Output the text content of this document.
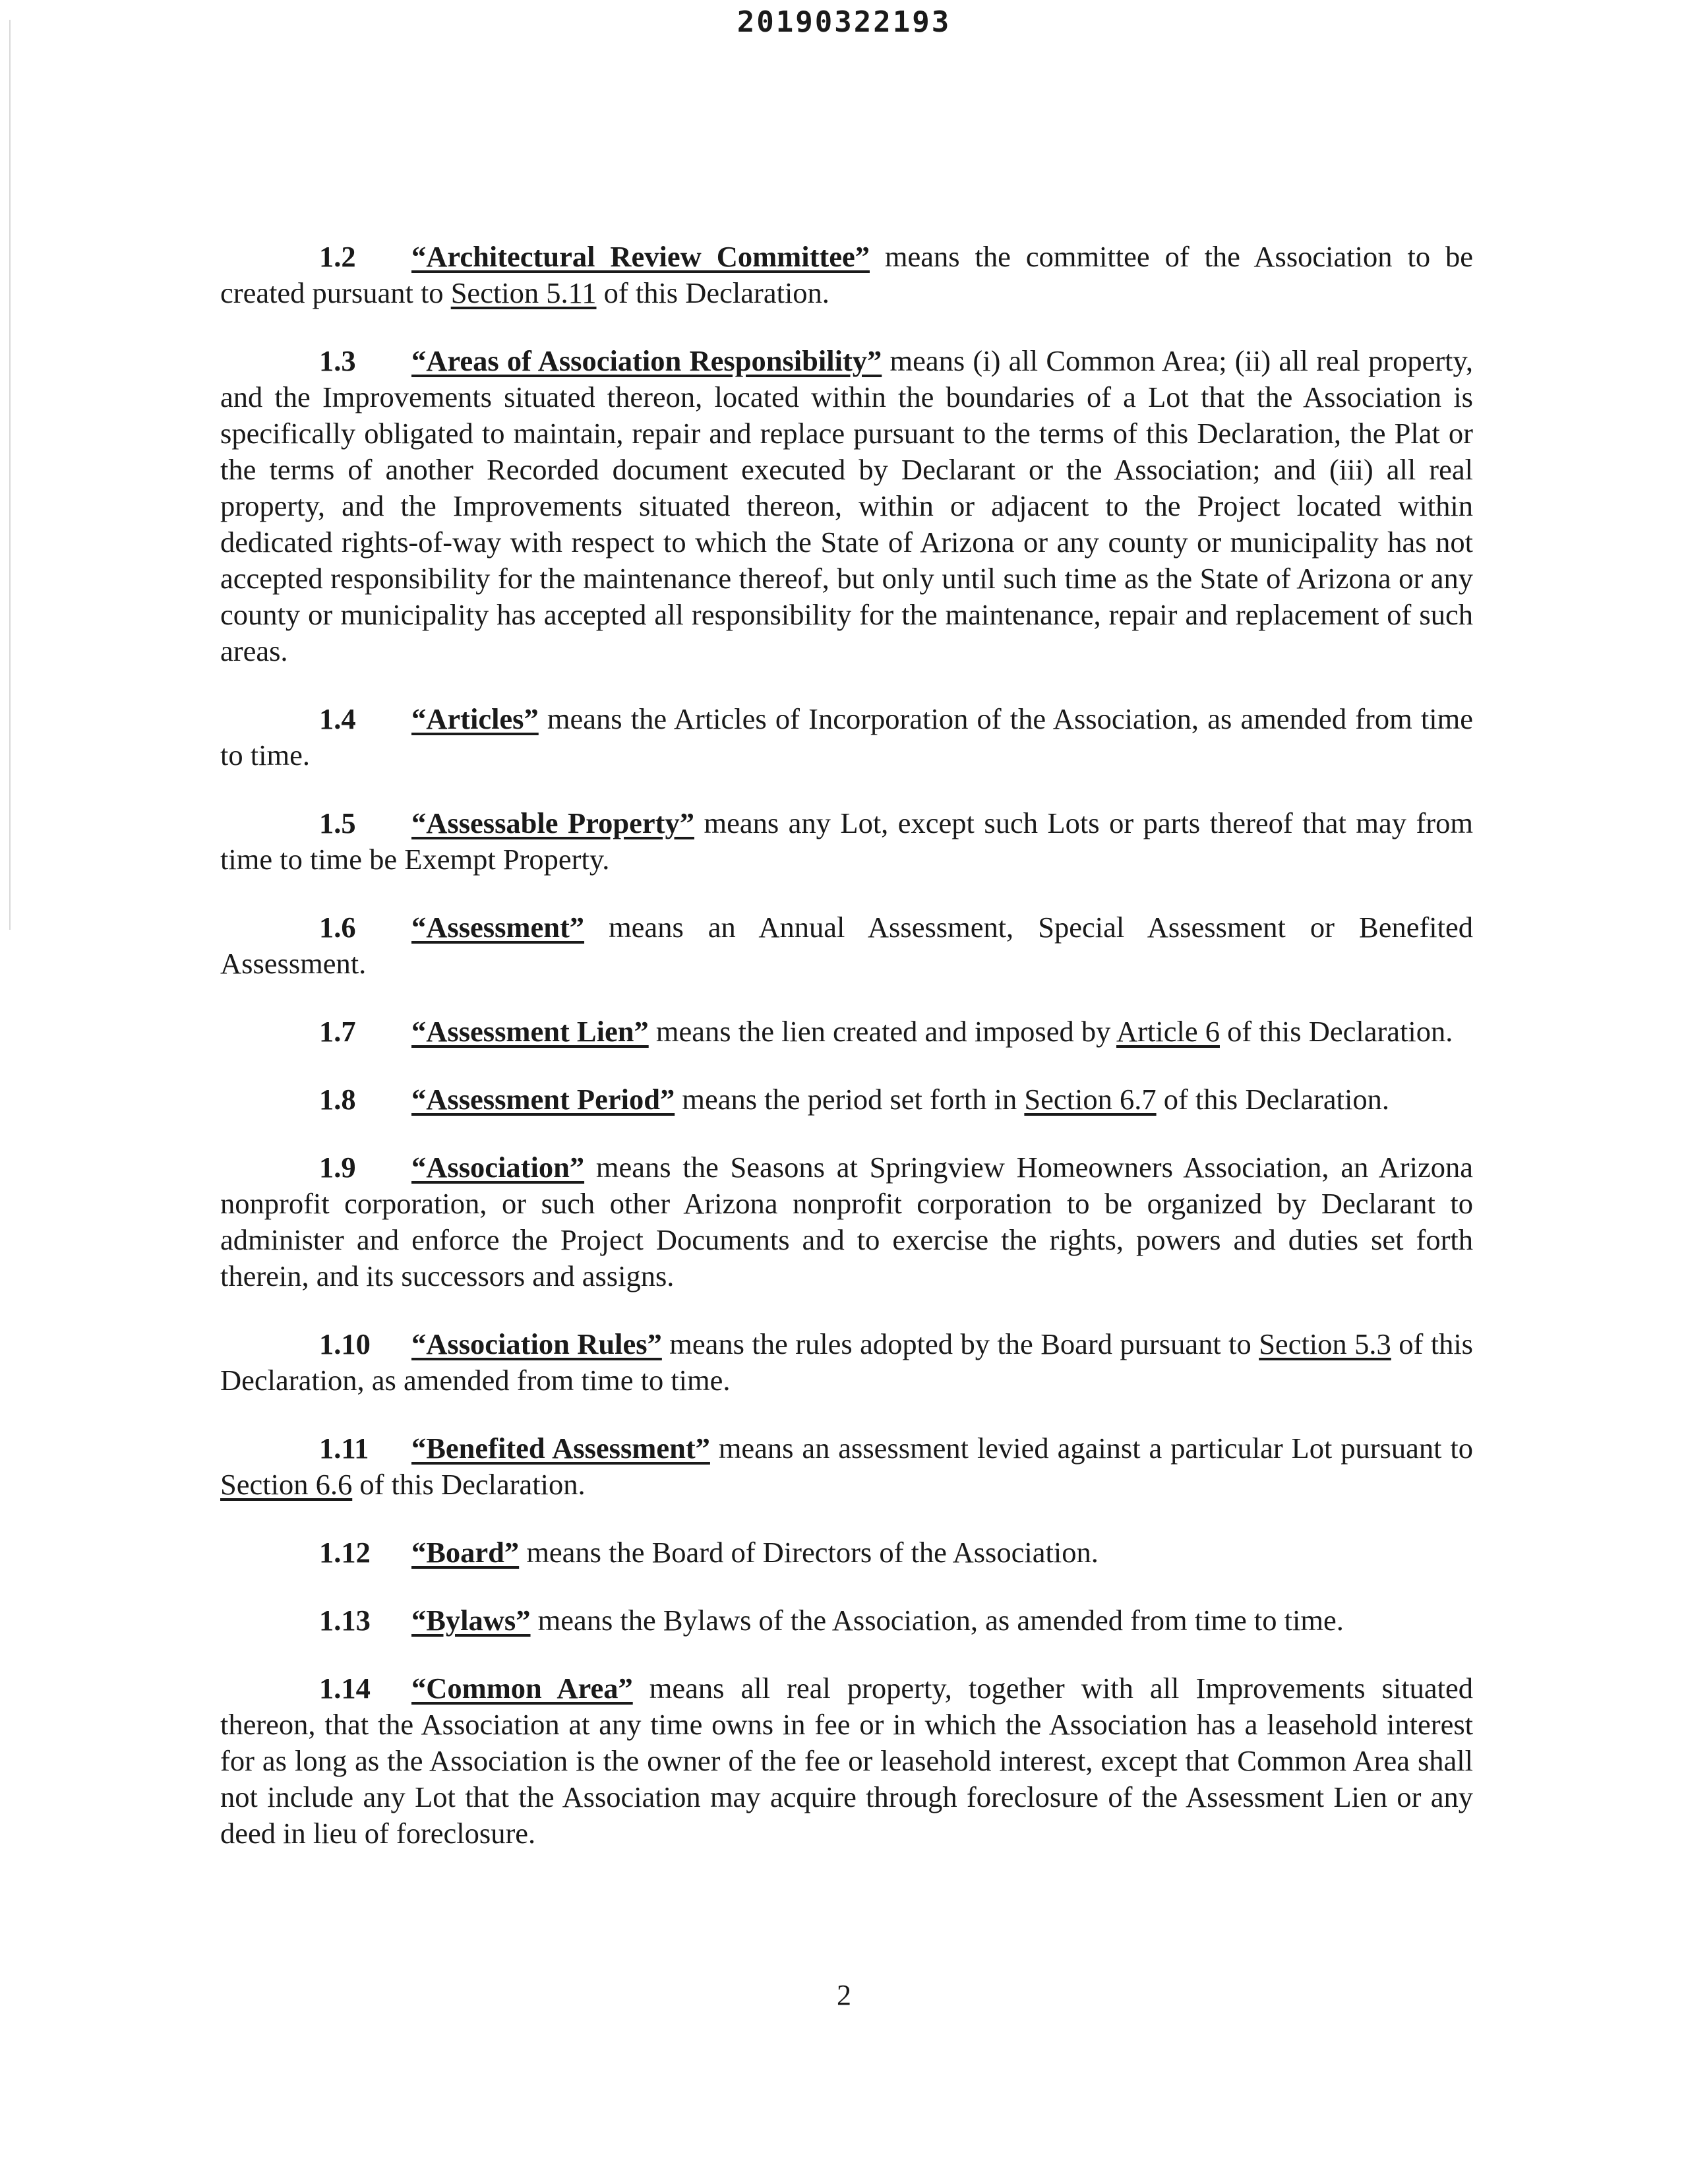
20190322193

1.2 “Architectural Review Committee” means the committee of the Association to be created pursuant to Section 5.11 of this Declaration.

1.3 “Areas of Association Responsibility” means (i) all Common Area; (ii) all real property, and the Improvements situated thereon, located within the boundaries of a Lot that the Association is specifically obligated to maintain, repair and replace pursuant to the terms of this Declaration, the Plat or the terms of another Recorded document executed by Declarant or the Association; and (iii) all real property, and the Improvements situated thereon, within or adjacent to the Project located within dedicated rights-of-way with respect to which the State of Arizona or any county or municipality has not accepted responsibility for the maintenance thereof, but only until such time as the State of Arizona or any county or municipality has accepted all responsibility for the maintenance, repair and replacement of such areas.

1.4 “Articles” means the Articles of Incorporation of the Association, as amended from time to time.

1.5 “Assessable Property” means any Lot, except such Lots or parts thereof that may from time to time be Exempt Property.

1.6 “Assessment” means an Annual Assessment, Special Assessment or Benefited Assessment.

1.7 “Assessment Lien” means the lien created and imposed by Article 6 of this Declaration.

1.8 “Assessment Period” means the period set forth in Section 6.7 of this Declaration.

1.9 “Association” means the Seasons at Springview Homeowners Association, an Arizona nonprofit corporation, or such other Arizona nonprofit corporation to be organized by Declarant to administer and enforce the Project Documents and to exercise the rights, powers and duties set forth therein, and its successors and assigns.

1.10 “Association Rules” means the rules adopted by the Board pursuant to Section 5.3 of this Declaration, as amended from time to time.

1.11 “Benefited Assessment” means an assessment levied against a particular Lot pursuant to Section 6.6 of this Declaration.

1.12 “Board” means the Board of Directors of the Association.

1.13 “Bylaws” means the Bylaws of the Association, as amended from time to time.

1.14 “Common Area” means all real property, together with all Improvements situated thereon, that the Association at any time owns in fee or in which the Association has a leasehold interest for as long as the Association is the owner of the fee or leasehold interest, except that Common Area shall not include any Lot that the Association may acquire through foreclosure of the Assessment Lien or any deed in lieu of foreclosure.

2
